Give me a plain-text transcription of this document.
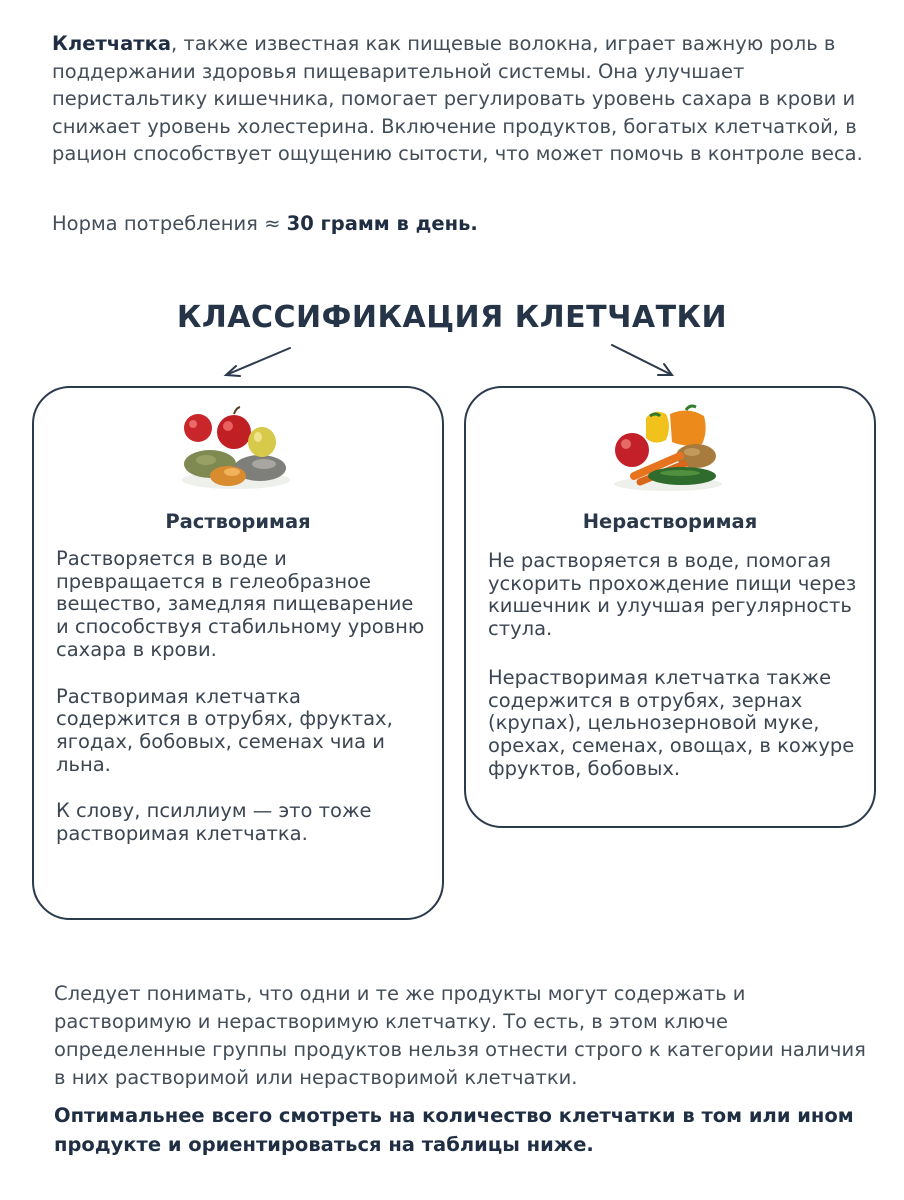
Клетчатка, также известная как пищевые волокна, играет важную роль в поддержании здоровья пищеварительной системы. Она улучшает перистальтику кишечника, помогает регулировать уровень сахара в крови и снижает уровень холестерина. Включение продуктов, богатых клетчаткой, в рацион способствует ощущению сытости, что может помочь в контроле веса.

Норма потребления ≈ 30 грамм в день.

КЛАССИФИКАЦИЯ КЛЕТЧАТКИ
Растворимая

Растворяется в воде и превращается в гелеобразное вещество, замедляя пищеварение и способствуя стабильному уровню сахара в крови.

Растворимая клетчатка содержится в отрубях, фруктах, ягодах, бобовых, семенах чиа и льна.

К слову, псиллиум — это тоже растворимая клетчатка.

Нерастворимая

Не растворяется в воде, помогая ускорить прохождение пищи через кишечник и улучшая регулярность стула.

Нерастворимая клетчатка также содержится в отрубях, зернах (крупах), цельнозерновой муке, орехах, семенах, овощах, в кожуре фруктов, бобовых.

Следует понимать, что одни и те же продукты могут содержать и растворимую и нерастворимую клетчатку. То есть, в этом ключе определенные группы продуктов нельзя отнести строго к категории наличия в них растворимой или нерастворимой клетчатки.

Оптимальнее всего смотреть на количество клетчатки в том или ином продукте и ориентироваться на таблицы ниже.
